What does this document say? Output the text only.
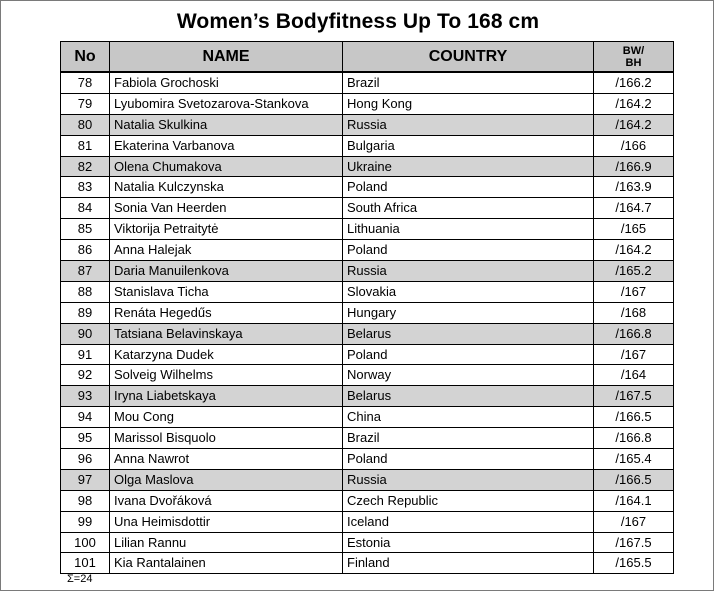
Women’s Bodyfitness Up To 168 cm
No	NAME	COUNTRY	BW/
BH
78	Fabiola Grochoski	Brazil	/166.2
79	Lyubomira Svetozarova-Stankova	Hong Kong	/164.2
80	Natalia Skulkina	Russia	/164.2
81	Ekaterina Varbanova	Bulgaria	/166
82	Olena Chumakova	Ukraine	/166.9
83	Natalia Kulczynska	Poland	/163.9
84	Sonia Van Heerden	South Africa	/164.7
85	Viktorija Petraitytė	Lithuania	/165
86	Anna Halejak	Poland	/164.2
87	Daria Manuilenkova	Russia	/165.2
88	Stanislava Ticha	Slovakia	/167
89	Renáta Hegedűs	Hungary	/168
90	Tatsiana Belavinskaya	Belarus	/166.8
91	Katarzyna Dudek	Poland	/167
92	Solveig Wilhelms	Norway	/164
93	Iryna Liabetskaya	Belarus	/167.5
94	Mou Cong	China	/166.5
95	Marissol Bisquolo	Brazil	/166.8
96	Anna Nawrot	Poland	/165.4
97	Olga Maslova	Russia	/166.5
98	Ivana Dvořáková	Czech Republic	/164.1
99	Una Heimisdottir	Iceland	/167
100	Lilian Rannu	Estonia	/167.5
101	Kia Rantalainen	Finland	/165.5
Σ=24
